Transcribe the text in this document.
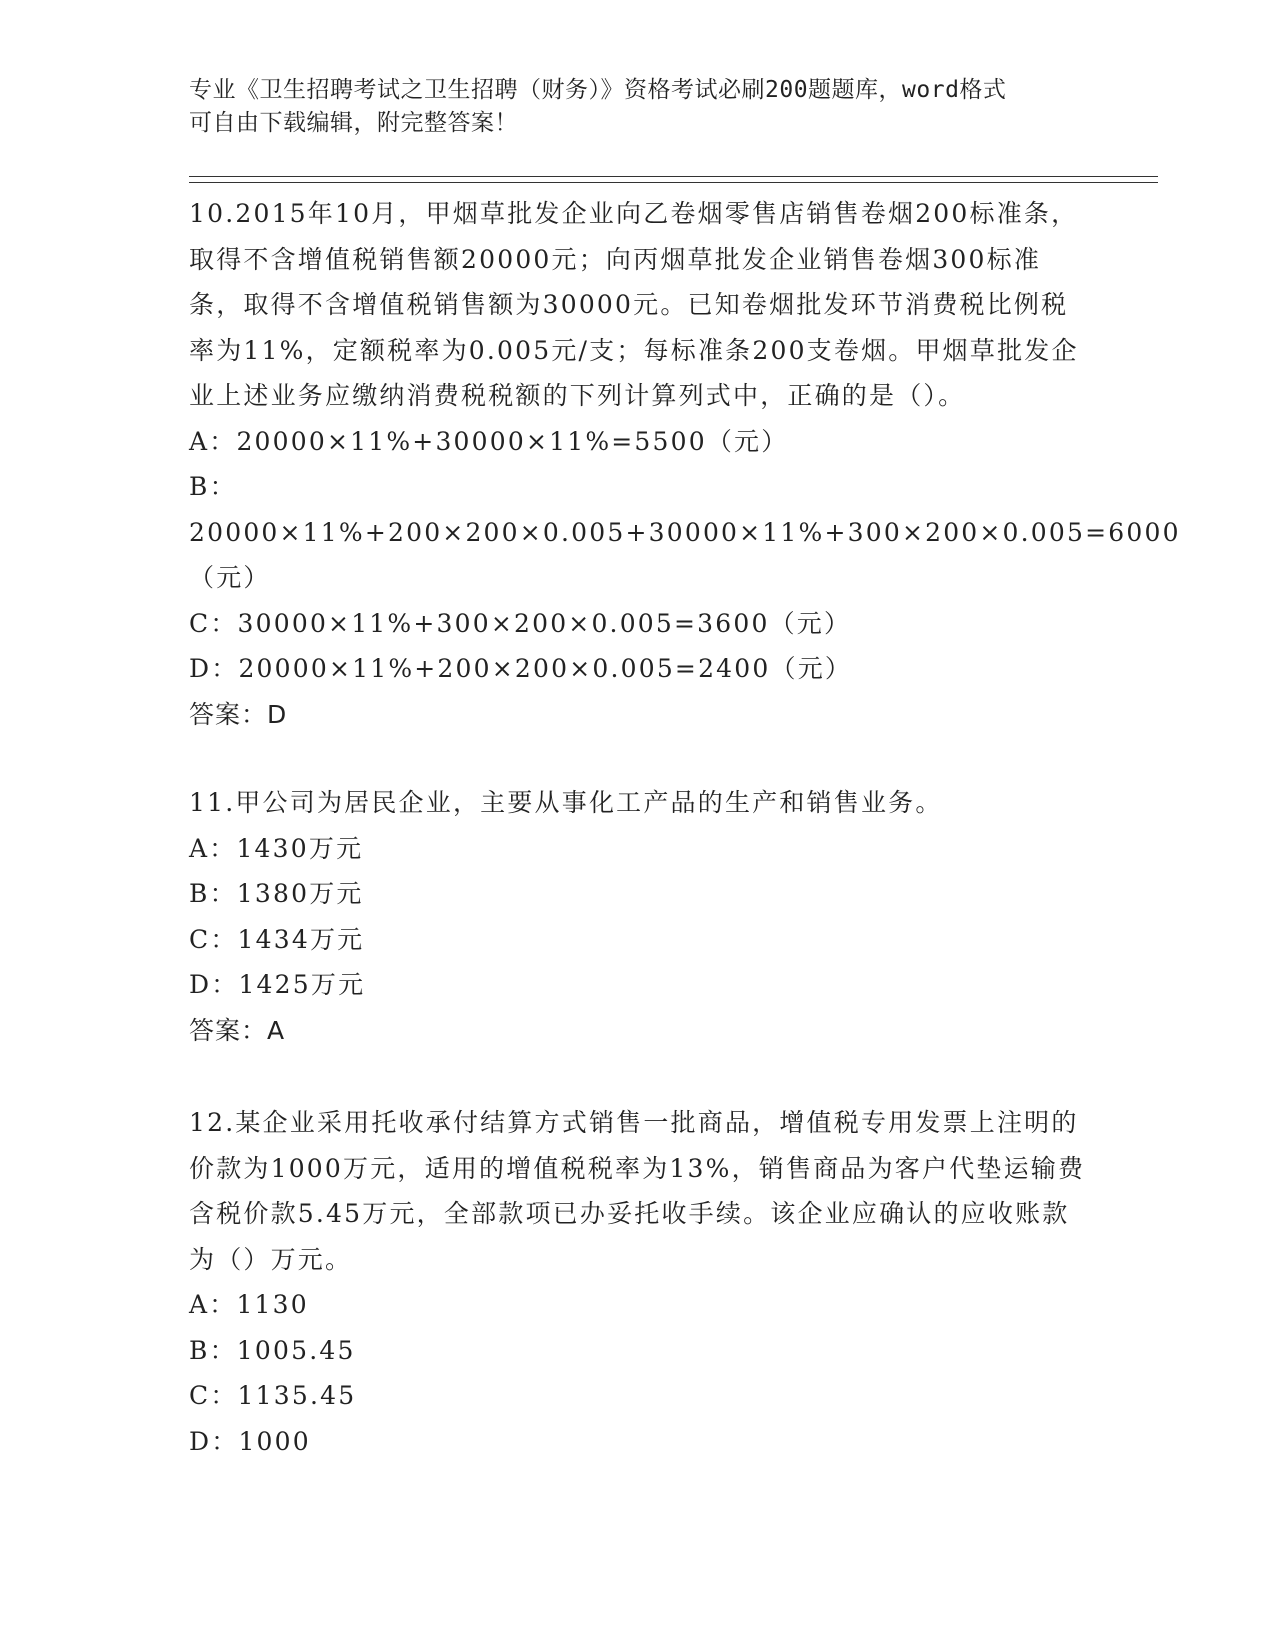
专业《卫生招聘考试之卫生招聘（财务）》资格考试必刷200题题库，word格式
可自由下载编辑，附完整答案！

10.2015年10月，甲烟草批发企业向乙卷烟零售店销售卷烟200标准条，取得不含增值税销售额20000元；向丙烟草批发企业销售卷烟300标准条，取得不含增值税销售额为30000元。已知卷烟批发环节消费税比例税率为11%，定额税率为0.005元/支；每标准条200支卷烟。甲烟草批发企业上述业务应缴纳消费税税额的下列计算列式中，正确的是（）。

A：20000×11%+30000×11%=5500（元）

B：20000×11%+200×200×0.005+30000×11%+300×200×0.005=6000（元）

C：30000×11%+300×200×0.005=3600（元）

D：20000×11%+200×200×0.005=2400（元）

答案：D

11.甲公司为居民企业，主要从事化工产品的生产和销售业务。

A：1430万元

B：1380万元

C：1434万元

D：1425万元

答案：A

12.某企业采用托收承付结算方式销售一批商品，增值税专用发票上注明的价款为1000万元，适用的增值税税率为13%，销售商品为客户代垫运输费含税价款5.45万元，全部款项已办妥托收手续。该企业应确认的应收账款为（）万元。

A：1130

B：1005.45

C：1135.45

D：1000
